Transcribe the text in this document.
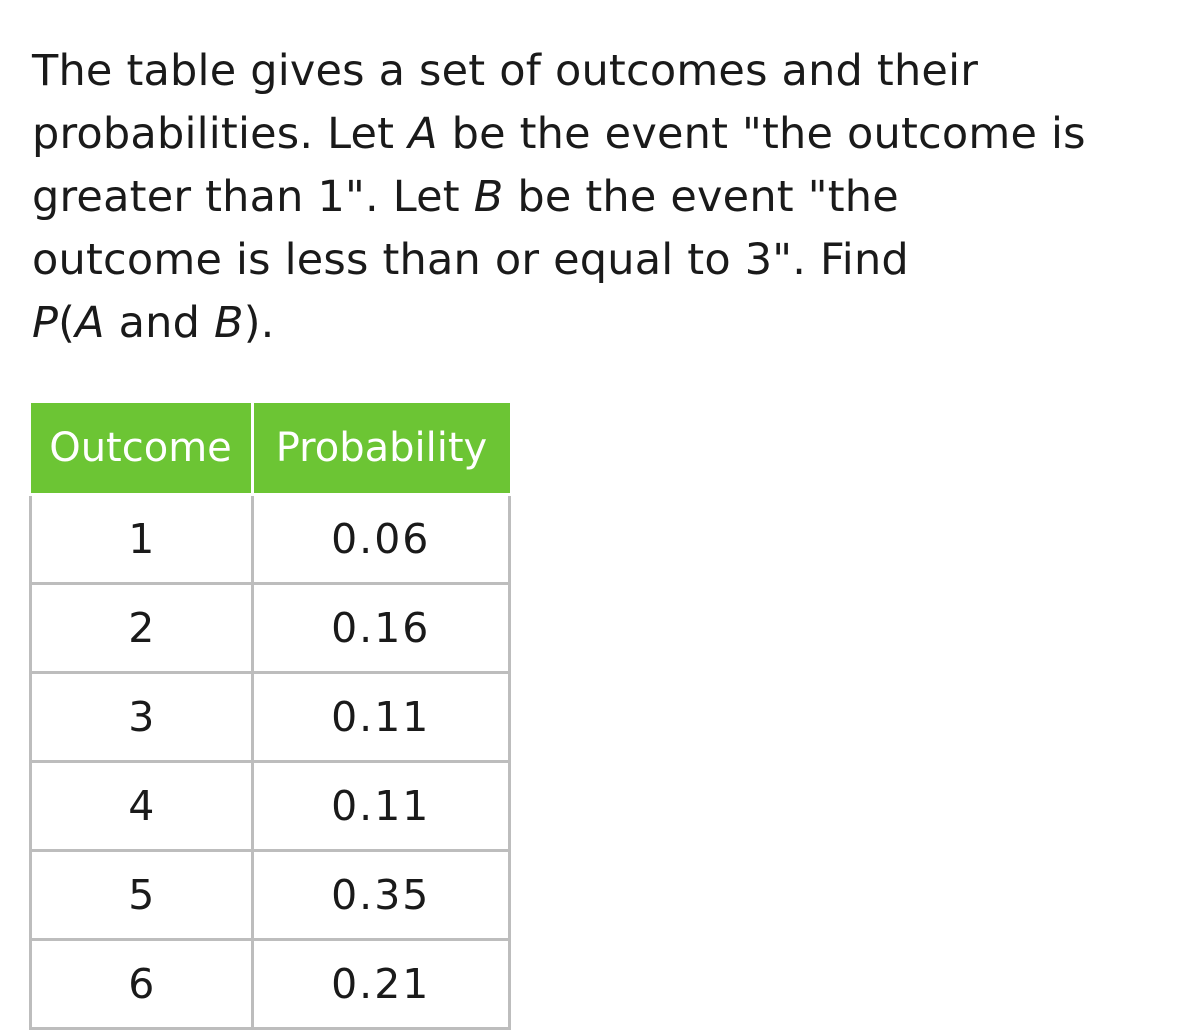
The table gives a set of outcomes and their
probabilities. Let A be the event "the outcome is
greater than 1". Let B be the event "the
outcome is less than or equal to 3". Find
P(A and B).
Outcome	Probability
1	0.06
2	0.16
3	0.11
4	0.11
5	0.35
6	0.21
